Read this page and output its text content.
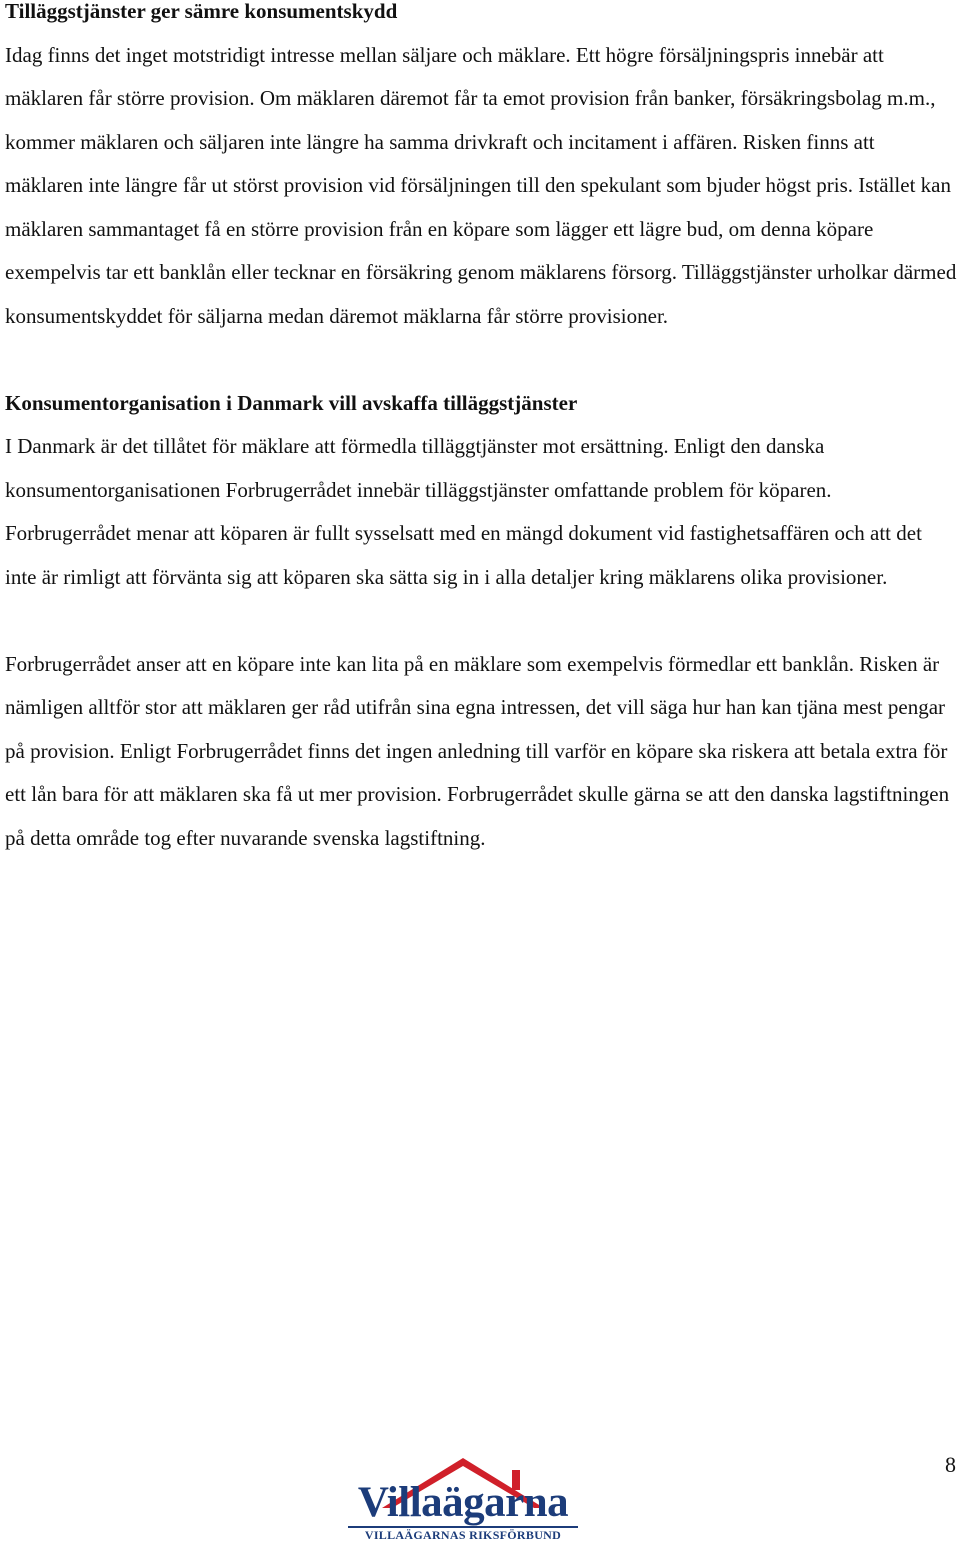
Tilläggstjänster ger sämre konsumentskydd

Idag finns det inget motstridigt intresse mellan säljare och mäklare. Ett högre försäljningspris innebär att mäklaren får större provision. Om mäklaren däremot får ta emot provision från banker, försäkringsbolag m.m., kommer mäklaren och säljaren inte längre ha samma drivkraft och incitament i affären. Risken finns att mäklaren inte längre får ut störst provision vid försäljningen till den spekulant som bjuder högst pris. Istället kan mäklaren sammantaget få en större provision från en köpare som lägger ett lägre bud, om denna köpare exempelvis tar ett banklån eller tecknar en försäkring genom mäklarens försorg. Tilläggstjänster urholkar därmed konsumentskyddet för säljarna medan däremot mäklarna får större provisioner.

Konsumentorganisation i Danmark vill avskaffa tilläggstjänster

I Danmark är det tillåtet för mäklare att förmedla tilläggtjänster mot ersättning. Enligt den danska konsumentorganisationen Forbrugerrådet innebär tilläggstjänster omfattande problem för köparen. Forbrugerrådet menar att köparen är fullt sysselsatt med en mängd dokument vid fastighetsaffären och att det inte är rimligt att förvänta sig att köparen ska sätta sig in i alla detaljer kring mäklarens olika provisioner.

Forbrugerrådet anser att en köpare inte kan lita på en mäklare som exempelvis förmedlar ett banklån. Risken är nämligen alltför stor att mäklaren ger råd utifrån sina egna intressen, det vill säga hur han kan tjäna mest pengar på provision. Enligt Forbrugerrådet finns det ingen anledning till varför en köpare ska riskera att betala extra för ett lån bara för att mäklaren ska få ut mer provision. Forbrugerrådet skulle gärna se att den danska lagstiftningen på detta område tog efter nuvarande svenska lagstiftning.

8
Villaägarna
VILLAÄGARNAS RIKSFÖRBUND
